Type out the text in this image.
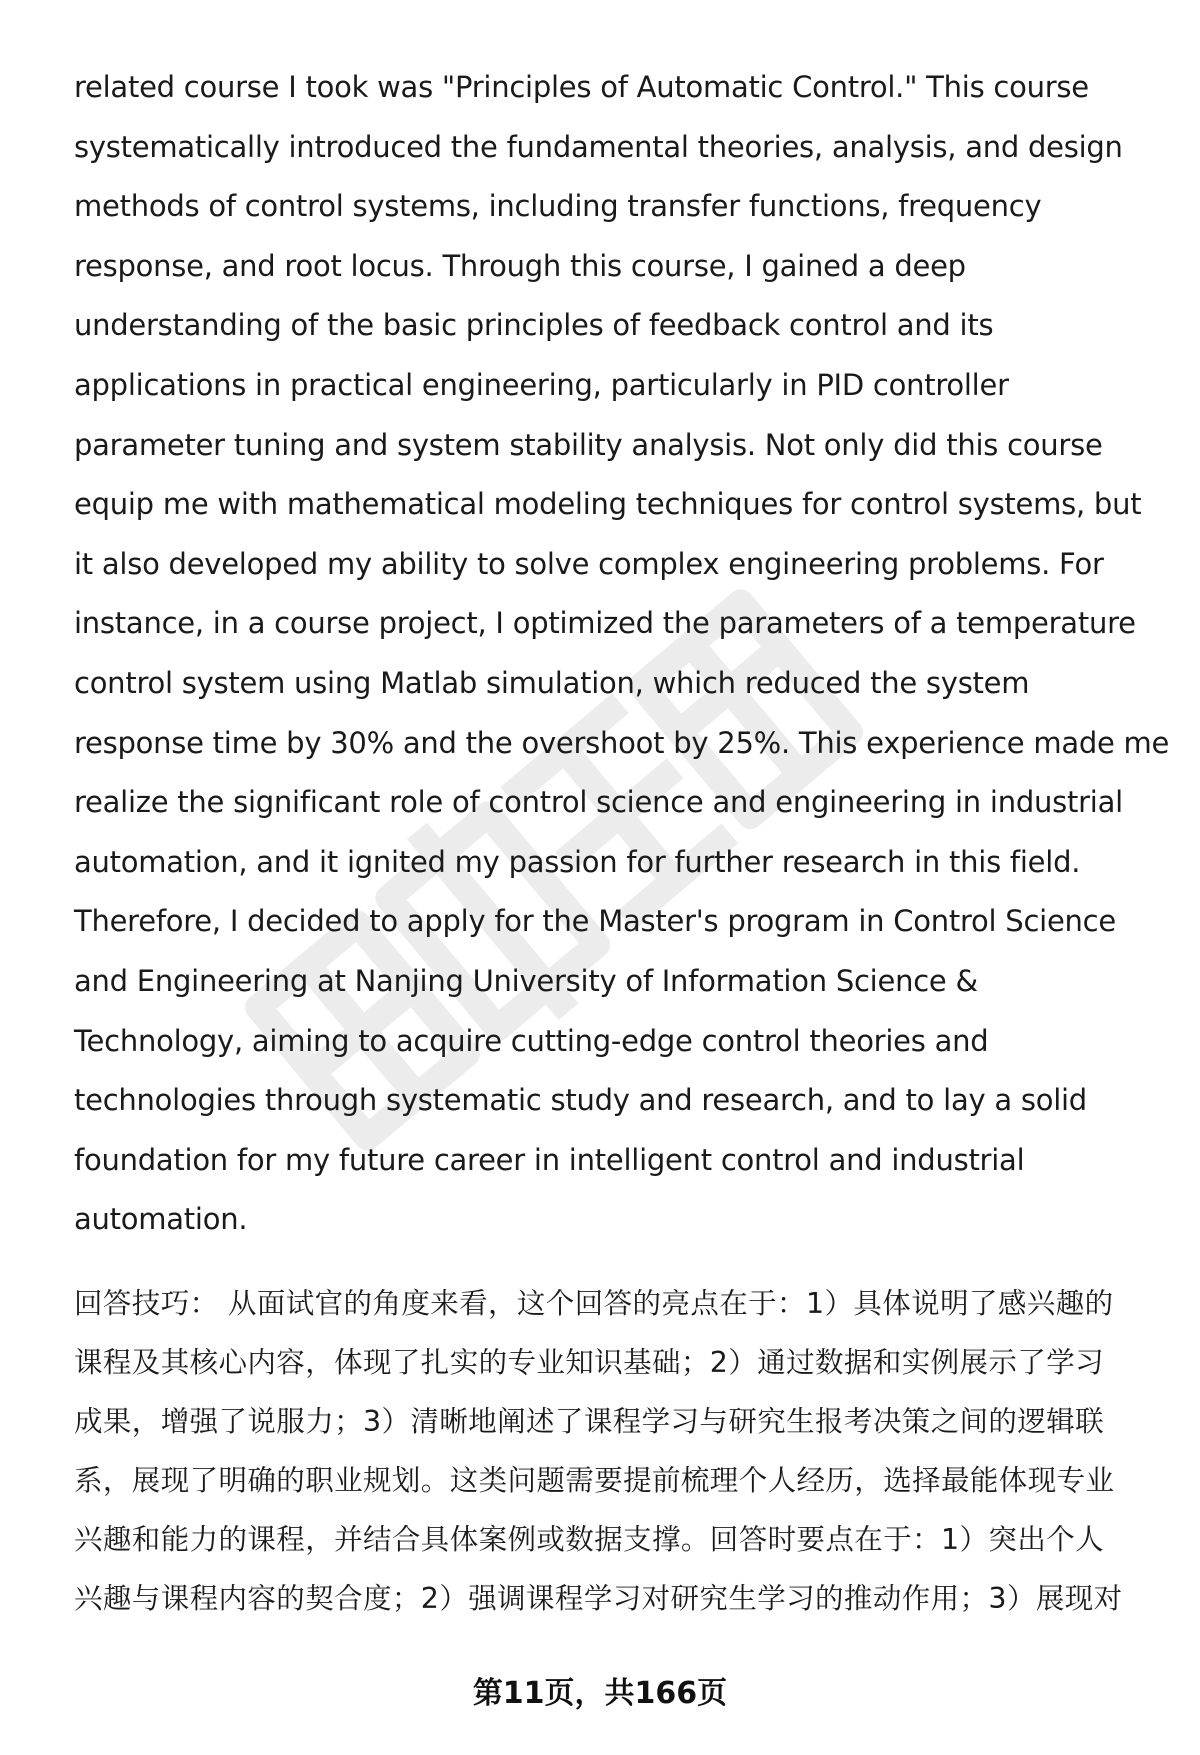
related course I took was "Principles of Automatic Control." This course
systematically introduced the fundamental theories, analysis, and design
methods of control systems, including transfer functions, frequency
response, and root locus. Through this course, I gained a deep
understanding of the basic principles of feedback control and its
applications in practical engineering, particularly in PID controller
parameter tuning and system stability analysis. Not only did this course
equip me with mathematical modeling techniques for control systems, but
it also developed my ability to solve complex engineering problems. For
instance, in a course project, I optimized the parameters of a temperature
control system using Matlab simulation, which reduced the system
response time by 30% and the overshoot by 25%. This experience made me
realize the significant role of control science and engineering in industrial
automation, and it ignited my passion for further research in this field.
Therefore, I decided to apply for the Master's program in Control Science
and Engineering at Nanjing University of Information Science &
Technology, aiming to acquire cutting-edge control theories and
technologies through systematic study and research, and to lay a solid
foundation for my future career in intelligent control and industrial
automation.
回答技巧： 从面试官的角度来看，这个回答的亮点在于：1）具体说明了感兴趣的
课程及其核心内容，体现了扎实的专业知识基础；2）通过数据和实例展示了学习
成果，增强了说服力；3）清晰地阐述了课程学习与研究生报考决策之间的逻辑联
系，展现了明确的职业规划。这类问题需要提前梳理个人经历，选择最能体现专业
兴趣和能力的课程，并结合具体案例或数据支撑。回答时要点在于：1）突出个人
兴趣与课程内容的契合度；2）强调课程学习对研究生学习的推动作用；3）展现对
第11页，共166页
